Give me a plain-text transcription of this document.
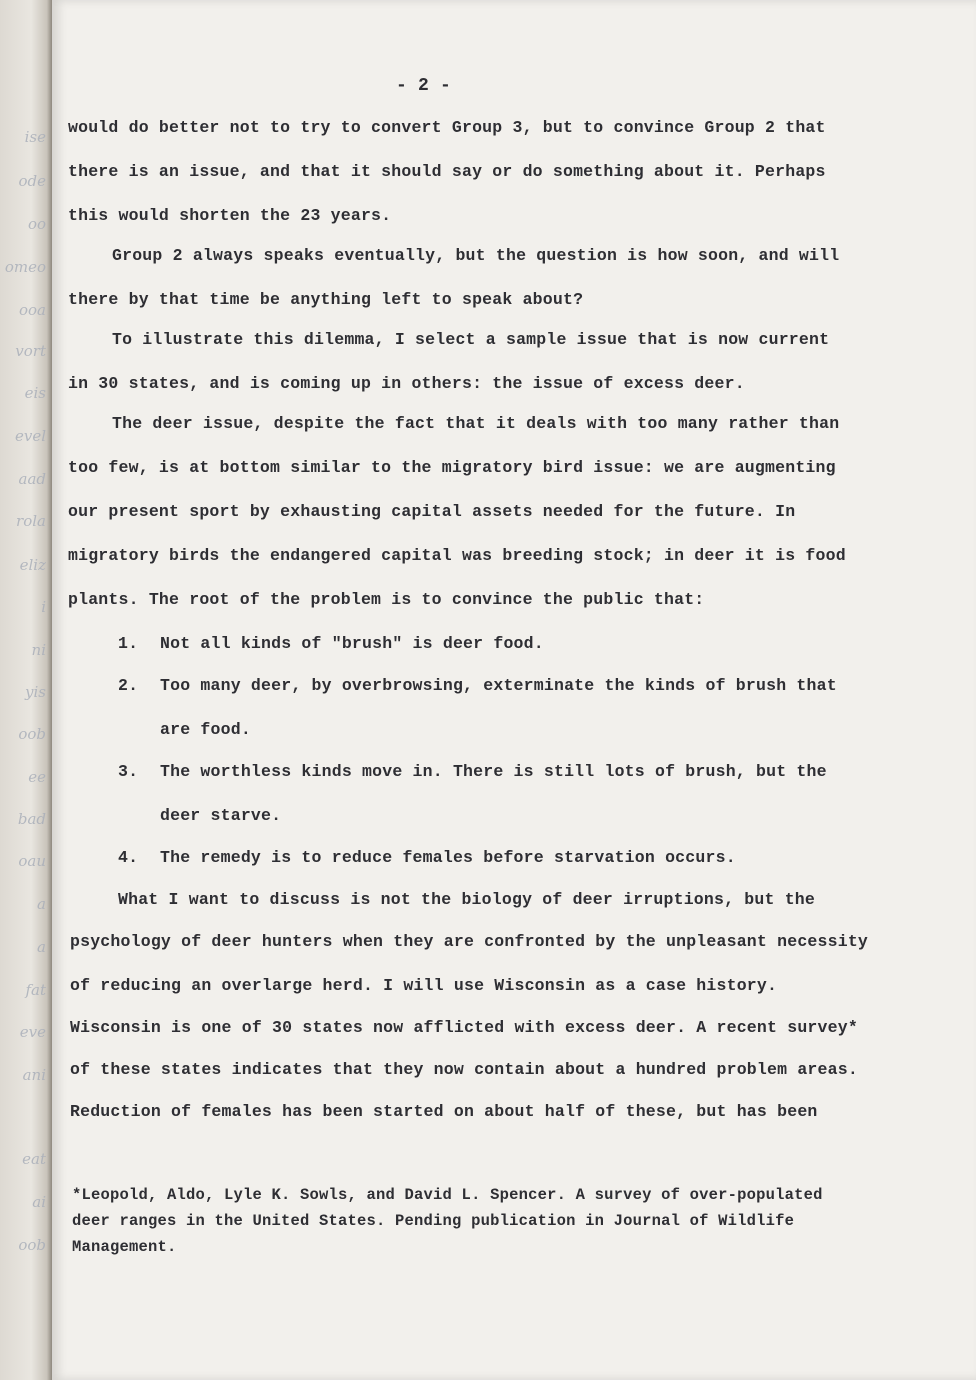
ise
ode
oo
omeo
ooa
vort
eis
evel
aad
rola
eliz
i
ni
yis
oob
ee
bad
oau
a
a
fat
eve
ani
eat
ai
oob

- 2 -

would do better not to try to convert Group 3, but to convince Group 2 that

there is an issue, and that it should say or do something about it. Perhaps

this would shorten the 23 years.

Group 2 always speaks eventually, but the question is how soon, and will

there by that time be anything left to speak about?

To illustrate this dilemma, I select a sample issue that is now current

in 30 states, and is coming up in others: the issue of excess deer.

The deer issue, despite the fact that it deals with too many rather than

too few, is at bottom similar to the migratory bird issue: we are augmenting

our present sport by exhausting capital assets needed for the future. In

migratory birds the endangered capital was breeding stock; in deer it is food

plants. The root of the problem is to convince the public that:

1. Not all kinds of "brush" is deer food.

2. Too many deer, by overbrowsing, exterminate the kinds of brush that

are food.

3. The worthless kinds move in. There is still lots of brush, but the

deer starve.

4. The remedy is to reduce females before starvation occurs.

What I want to discuss is not the biology of deer irruptions, but the

psychology of deer hunters when they are confronted by the unpleasant necessity

of reducing an overlarge herd. I will use Wisconsin as a case history.

Wisconsin is one of 30 states now afflicted with excess deer. A recent survey*

of these states indicates that they now contain about a hundred problem areas.

Reduction of females has been started on about half of these, but has been

*Leopold, Aldo, Lyle K. Sowls, and David L. Spencer. A survey of over-populated

deer ranges in the United States. Pending publication in Journal of Wildlife

Management.
